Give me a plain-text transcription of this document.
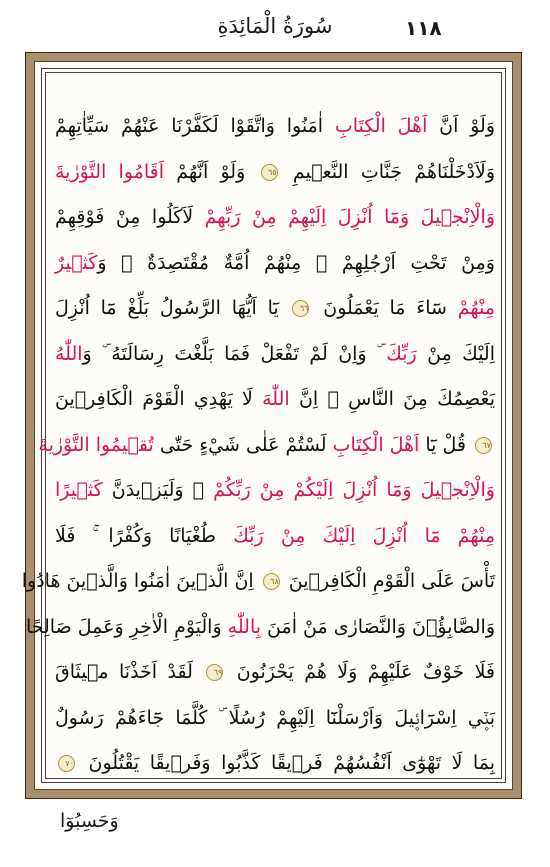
سُورَةُ الْمَائِدَةِ	١١٨
وَلَوْ اَنَّ اَهْلَ الْكِتَابِ اٰمَنُوا وَاتَّقَوْا لَكَفَّرْنَا عَنْهُمْ سَيِّاٰتِهِمْ
وَلَاَدْخَلْنَاهُمْ جَنَّاتِ النَّع۪يمِ ٦٥ وَلَوْ اَنَّهُمْ اَقَامُوا التَّوْرٰيةَ
وَالْاِنْج۪يلَ وَمَٓا اُنْزِلَ اِلَيْهِمْ مِنْ رَبِّهِمْ لَاَكَلُوا مِنْ فَوْقِهِمْ
وَمِنْ تَحْتِ اَرْجُلِهِمْ ۜ مِنْهُمْ اُمَّةٌ مُقْتَصِدَةٌ ۜ وَكَث۪يرٌ
مِنْهُمْ سَٓاءَ مَا يَعْمَلُونَ ٦٦ يَٓا اَيُّهَا الرَّسُولُ بَلِّغْ مَٓا اُنْزِلَ
اِلَيْكَ مِنْ رَبِّكَ ۜ وَاِنْ لَمْ تَفْعَلْ فَمَا بَلَّغْتَ رِسَالَتَهُ ۜ وَاللّٰهُ
يَعْصِمُكَ مِنَ النَّاسِ ۜ اِنَّ اللّٰهَ لَا يَهْدِي الْقَوْمَ الْكَافِر۪ينَ
٦٧ قُلْ يَٓا اَهْلَ الْكِتَابِ لَسْتُمْ عَلٰى شَيْءٍ حَتّٰى تُق۪يمُوا التَّوْرٰيةَ
وَالْاِنْج۪يلَ وَمَٓا اُنْزِلَ اِلَيْكُمْ مِنْ رَبِّكُمْ ۜ وَلَيَز۪يدَنَّ كَث۪يرًا
مِنْهُمْ مَٓا اُنْزِلَ اِلَيْكَ مِنْ رَبِّكَ طُغْيَانًا وَكُفْرًا ۚ فَلَا
تَأْسَ عَلَى الْقَوْمِ الْكَافِر۪ينَ ٦٨ اِنَّ الَّذ۪ينَ اٰمَنُوا وَالَّذ۪ينَ هَادُوا
وَالصَّابِؤُ۫نَ وَالنَّصَارٰى مَنْ اٰمَنَ بِاللّٰهِ وَالْيَوْمِ الْاٰخِرِ وَعَمِلَ صَالِحًا
فَلَا خَوْفٌ عَلَيْهِمْ وَلَا هُمْ يَحْزَنُونَ ٦٩ لَقَدْ اَخَذْنَا م۪يثَاقَ
بَن۪ٓي اِسْرَٓائ۪يلَ وَاَرْسَلْنَٓا اِلَيْهِمْ رُسُلًا ۜ كُلَّمَا جَٓاءَهُمْ رَسُولٌ
بِمَا لَا تَهْوٰٓى اَنْفُسُهُمْ فَر۪يقًا كَذَّبُوا وَفَر۪يقًا يَقْتُلُونَ ٧٠
وَحَسِبُوٓا
